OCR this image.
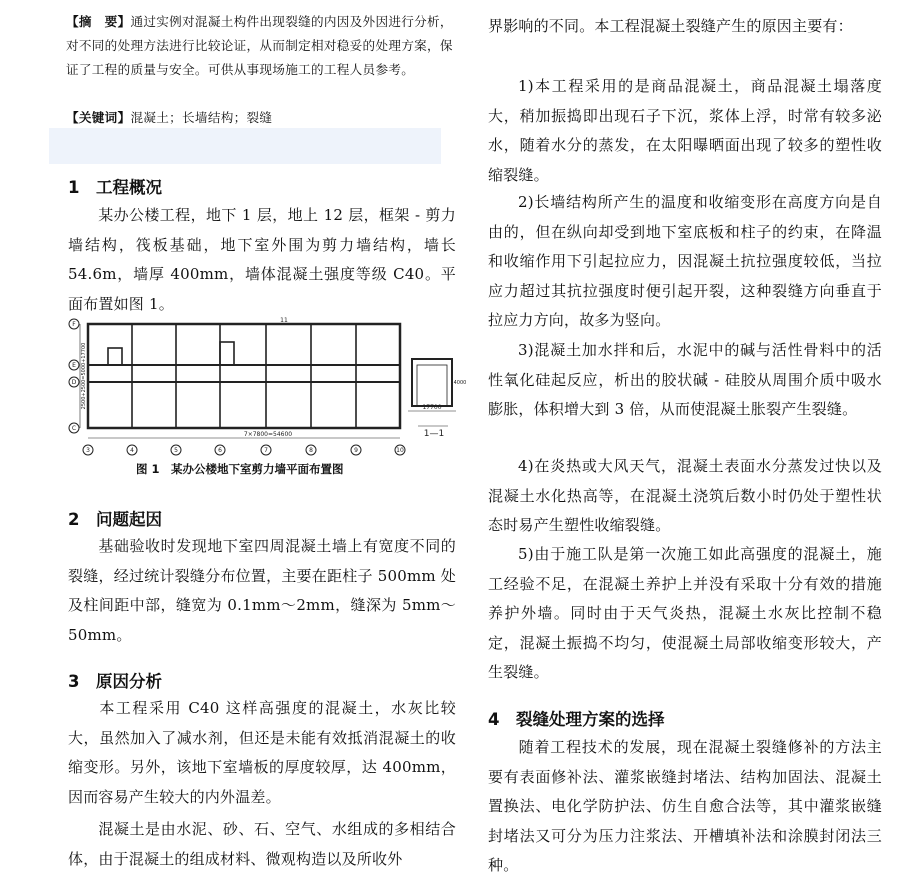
【摘　要】通过实例对混凝土构件出现裂缝的内因及外因进行分析，对不同的处理方法进行比较论证，从而制定相对稳妥的处理方案，保证了工程的质量与安全。可供从事现场施工的工程人员参考。
【关键词】混凝土；长墙结构；裂缝
1　工程概况
某办公楼工程，地下 1 层，地上 12 层，框架 - 剪力墙结构，筏板基础，地下室外围为剪力墙结构，墙长 54.6m，墙厚 400mm，墙体混凝土强度等级 C40。平面布置如图 1。
F
E
D
C
3	4	5	6	7	8	9	10
7×7800=54600
11
17700
1—1
4000
2500+2500=5000+17700
图 1　某办公楼地下室剪力墙平面布置图
2　问题起因
基础验收时发现地下室四周混凝土墙上有宽度不同的裂缝，经过统计裂缝分布位置，主要在距柱子 500mm 处及柱间距中部，缝宽为 0.1mm～2mm，缝深为 5mm～50mm。
3　原因分析
本工程采用 C40 这样高强度的混凝土，水灰比较大，虽然加入了减水剂，但还是未能有效抵消混凝土的收缩变形。另外，该地下室墙板的厚度较厚，达 400mm，因而容易产生较大的内外温差。
混凝土是由水泥、砂、石、空气、水组成的多相结合体，由于混凝土的组成材料、微观构造以及所收外
界影响的不同。本工程混凝土裂缝产生的原因主要有：
1)本工程采用的是商品混凝土，商品混凝土塌落度大，稍加振捣即出现石子下沉，浆体上浮，时常有较多泌水，随着水分的蒸发，在太阳曝晒面出现了较多的塑性收缩裂缝。
2)长墙结构所产生的温度和收缩变形在高度方向是自由的，但在纵向却受到地下室底板和柱子的约束，在降温和收缩作用下引起拉应力，因混凝土抗拉强度较低，当拉应力超过其抗拉强度时便引起开裂，这种裂缝方向垂直于拉应力方向，故多为竖向。
3)混凝土加水拌和后，水泥中的碱与活性骨料中的活性氧化硅起反应，析出的胶状碱 - 硅胶从周围介质中吸水膨胀，体积增大到 3 倍，从而使混凝土胀裂产生裂缝。
4)在炎热或大风天气，混凝土表面水分蒸发过快以及混凝土水化热高等，在混凝土浇筑后数小时仍处于塑性状态时易产生塑性收缩裂缝。
5)由于施工队是第一次施工如此高强度的混凝土，施工经验不足，在混凝土养护上并没有采取十分有效的措施养护外墙。同时由于天气炎热，混凝土水灰比控制不稳定，混凝土振捣不均匀，使混凝土局部收缩变形较大，产生裂缝。
4　裂缝处理方案的选择
随着工程技术的发展，现在混凝土裂缝修补的方法主要有表面修补法、灌浆嵌缝封堵法、结构加固法、混凝土置换法、电化学防护法、仿生自愈合法等，其中灌浆嵌缝封堵法又可分为压力注浆法、开槽填补法和涂膜封闭法三种。
